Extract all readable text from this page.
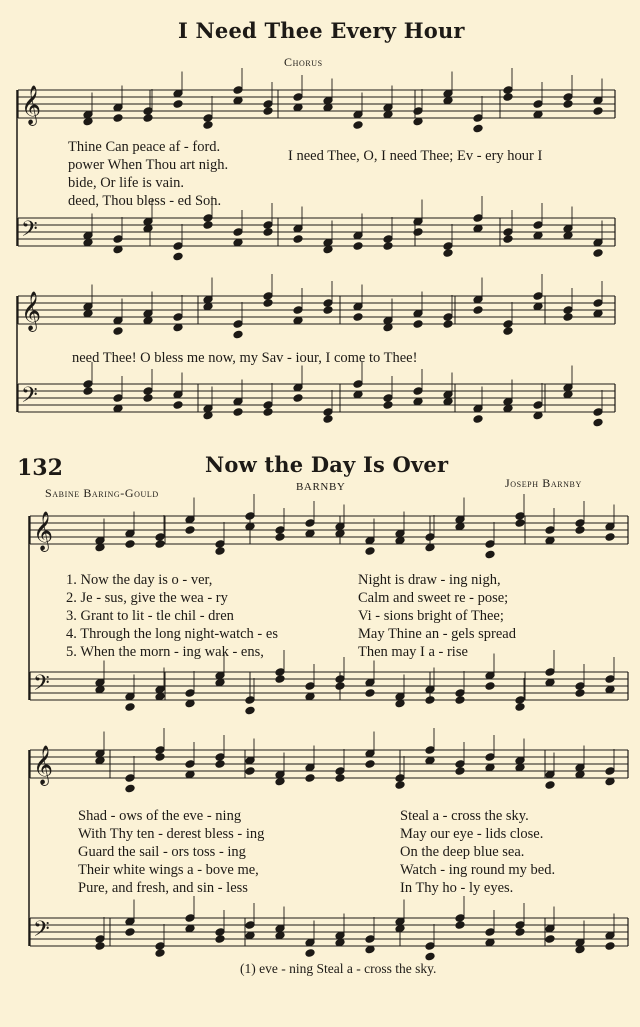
I Need Thee Every Hour
Chorus
𝄞
𝄢
𝄞
𝄢
𝄞
𝄢
𝄞
𝄢
Thine Can peace af - ford.
power When Thou art nigh.
bide, Or life is vain.
deed, Thou bless - ed Son.
I need Thee, O, I need Thee; Ev - ery hour I
need Thee! O bless me now, my Sav - iour, I come to Thee!
132	Now the Day Is Over
Sabine Baring-Gould	BARNBY	Joseph Barnby
1. Now the day is o - ver,	Night is draw - ing nigh,
2. Je - sus, give the wea - ry	Calm and sweet re - pose;
3. Grant to lit - tle chil - dren	Vi - sions bright of Thee;
4. Through the long night-watch - es	May Thine an - gels spread
5. When the morn - ing wak - ens,	Then may I a - rise
Shad - ows of the eve - ning	Steal a - cross the sky.
With Thy ten - derest bless - ing	May our eye - lids close.
Guard the sail - ors toss - ing	On the deep blue sea.
Their white wings a - bove me,	Watch - ing round my bed.
Pure, and fresh, and sin - less	In Thy ho - ly eyes.
(1) eve - ning Steal a - cross the sky.
